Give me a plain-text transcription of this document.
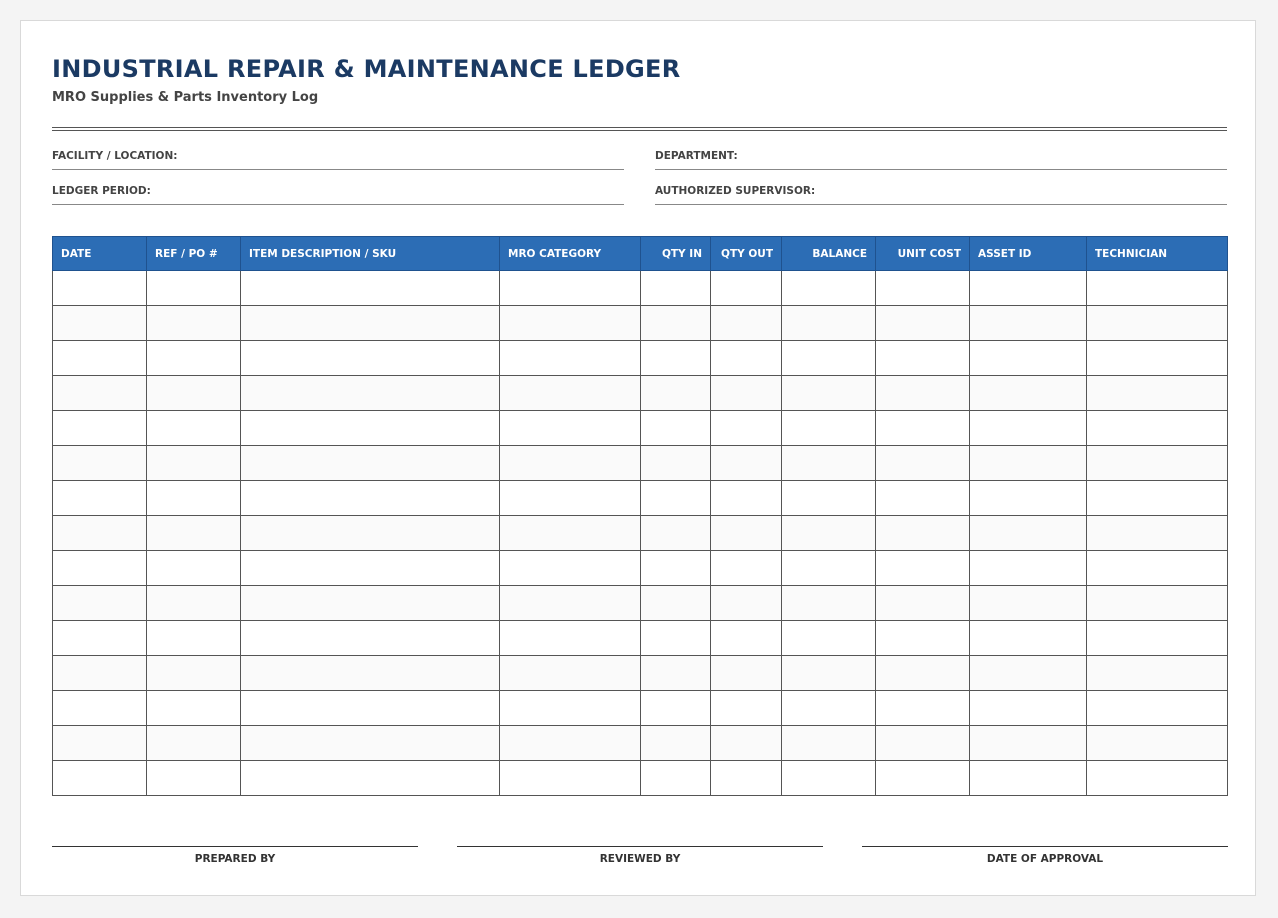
INDUSTRIAL REPAIR & MAINTENANCE LEDGER
MRO Supplies & Parts Inventory Log
FACILITY / LOCATION:	DEPARTMENT:
LEDGER PERIOD:	AUTHORIZED SUPERVISOR:
DATE	REF / PO #	ITEM DESCRIPTION / SKU	MRO CATEGORY	QTY IN	QTY OUT	BALANCE	UNIT COST	ASSET ID	TECHNICIAN

PREPARED BY	REVIEWED BY	DATE OF APPROVAL
